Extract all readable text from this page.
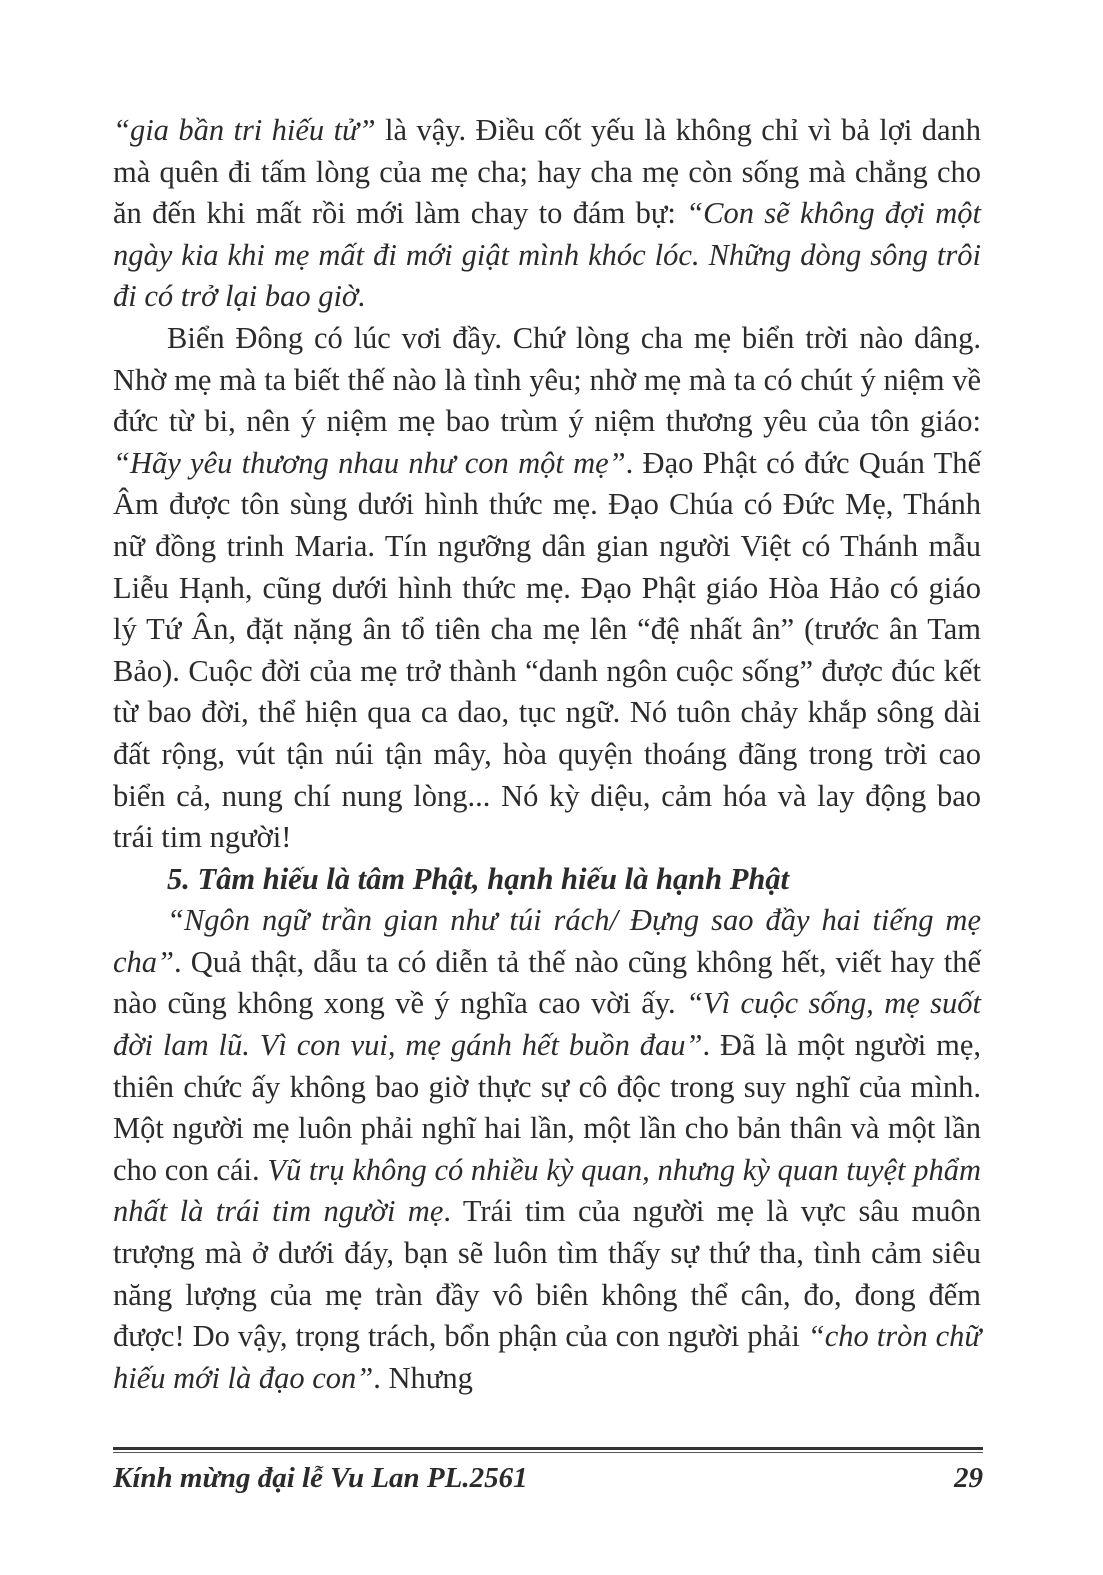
“gia bần tri hiếu tử” là vậy. Điều cốt yếu là không chỉ vì bả lợi danh mà quên đi tấm lòng của mẹ cha; hay cha mẹ còn sống mà chẳng cho ăn đến khi mất rồi mới làm chay to đám bự: “Con sẽ không đợi một ngày kia khi mẹ mất đi mới giật mình khóc lóc. Những dòng sông trôi đi có trở lại bao giờ.

Biển Đông có lúc vơi đầy. Chứ lòng cha mẹ biển trời nào dâng. Nhờ mẹ mà ta biết thế nào là tình yêu; nhờ mẹ mà ta có chút ý niệm về đức từ bi, nên ý niệm mẹ bao trùm ý niệm thương yêu của tôn giáo: “Hãy yêu thương nhau như con một mẹ”. Đạo Phật có đức Quán Thế Âm được tôn sùng dưới hình thức mẹ. Đạo Chúa có Đức Mẹ, Thánh nữ đồng trinh Maria. Tín ngưỡng dân gian người Việt có Thánh mẫu Liễu Hạnh, cũng dưới hình thức mẹ. Đạo Phật giáo Hòa Hảo có giáo lý Tứ Ân, đặt nặng ân tổ tiên cha mẹ lên “đệ nhất ân” (trước ân Tam Bảo). Cuộc đời của mẹ trở thành “danh ngôn cuộc sống” được đúc kết từ bao đời, thể hiện qua ca dao, tục ngữ. Nó tuôn chảy khắp sông dài đất rộng, vút tận núi tận mây, hòa quyện thoáng đãng trong trời cao biển cả, nung chí nung lòng... Nó kỳ diệu, cảm hóa và lay động bao trái tim người!

5. Tâm hiếu là tâm Phật, hạnh hiếu là hạnh Phật

“Ngôn ngữ trần gian như túi rách/ Đựng sao đầy hai tiếng mẹ cha”. Quả thật, dẫu ta có diễn tả thế nào cũng không hết, viết hay thế nào cũng không xong về ý nghĩa cao vời ấy. “Vì cuộc sống, mẹ suốt đời lam lũ. Vì con vui, mẹ gánh hết buồn đau”. Đã là một người mẹ, thiên chức ấy không bao giờ thực sự cô độc trong suy nghĩ của mình. Một người mẹ luôn phải nghĩ hai lần, một lần cho bản thân và một lần cho con cái. Vũ trụ không có nhiều kỳ quan, nhưng kỳ quan tuyệt phẩm nhất là trái tim người mẹ. Trái tim của người mẹ là vực sâu muôn trượng mà ở dưới đáy, bạn sẽ luôn tìm thấy sự thứ tha, tình cảm siêu năng lượng của mẹ tràn đầy vô biên không thể cân, đo, đong đếm được! Do vậy, trọng trách, bổn phận của con người phải “cho tròn chữ hiếu mới là đạo con”. Nhưng

Kính mừng đại lễ Vu Lan PL.2561	29
